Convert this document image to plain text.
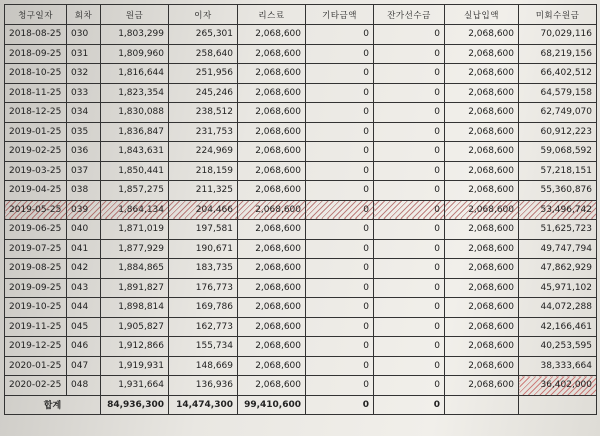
청구일자	회차	원금	이자	리스료	기타금액	잔가선수금	실납입액	미회수원금
2018-08-25	030	1,803,299	265,301	2,068,600	0	0	2,068,600	70,029,116
2018-09-25	031	1,809,960	258,640	2,068,600	0	0	2,068,600	68,219,156
2018-10-25	032	1,816,644	251,956	2,068,600	0	0	2,068,600	66,402,512
2018-11-25	033	1,823,354	245,246	2,068,600	0	0	2,068,600	64,579,158
2018-12-25	034	1,830,088	238,512	2,068,600	0	0	2,068,600	62,749,070
2019-01-25	035	1,836,847	231,753	2,068,600	0	0	2,068,600	60,912,223
2019-02-25	036	1,843,631	224,969	2,068,600	0	0	2,068,600	59,068,592
2019-03-25	037	1,850,441	218,159	2,068,600	0	0	2,068,600	57,218,151
2019-04-25	038	1,857,275	211,325	2,068,600	0	0	2,068,600	55,360,876
2019-05-25	039	1,864,134	204,466	2,068,600	0	0	2,068,600	53,496,742
2019-06-25	040	1,871,019	197,581	2,068,600	0	0	2,068,600	51,625,723
2019-07-25	041	1,877,929	190,671	2,068,600	0	0	2,068,600	49,747,794
2019-08-25	042	1,884,865	183,735	2,068,600	0	0	2,068,600	47,862,929
2019-09-25	043	1,891,827	176,773	2,068,600	0	0	2,068,600	45,971,102
2019-10-25	044	1,898,814	169,786	2,068,600	0	0	2,068,600	44,072,288
2019-11-25	045	1,905,827	162,773	2,068,600	0	0	2,068,600	42,166,461
2019-12-25	046	1,912,866	155,734	2,068,600	0	0	2,068,600	40,253,595
2020-01-25	047	1,919,931	148,669	2,068,600	0	0	2,068,600	38,333,664
2020-02-25	048	1,931,664	136,936	2,068,600	0	0	2,068,600	36,402,000
합계		84,936,300	14,474,300	99,410,600	0	0		
